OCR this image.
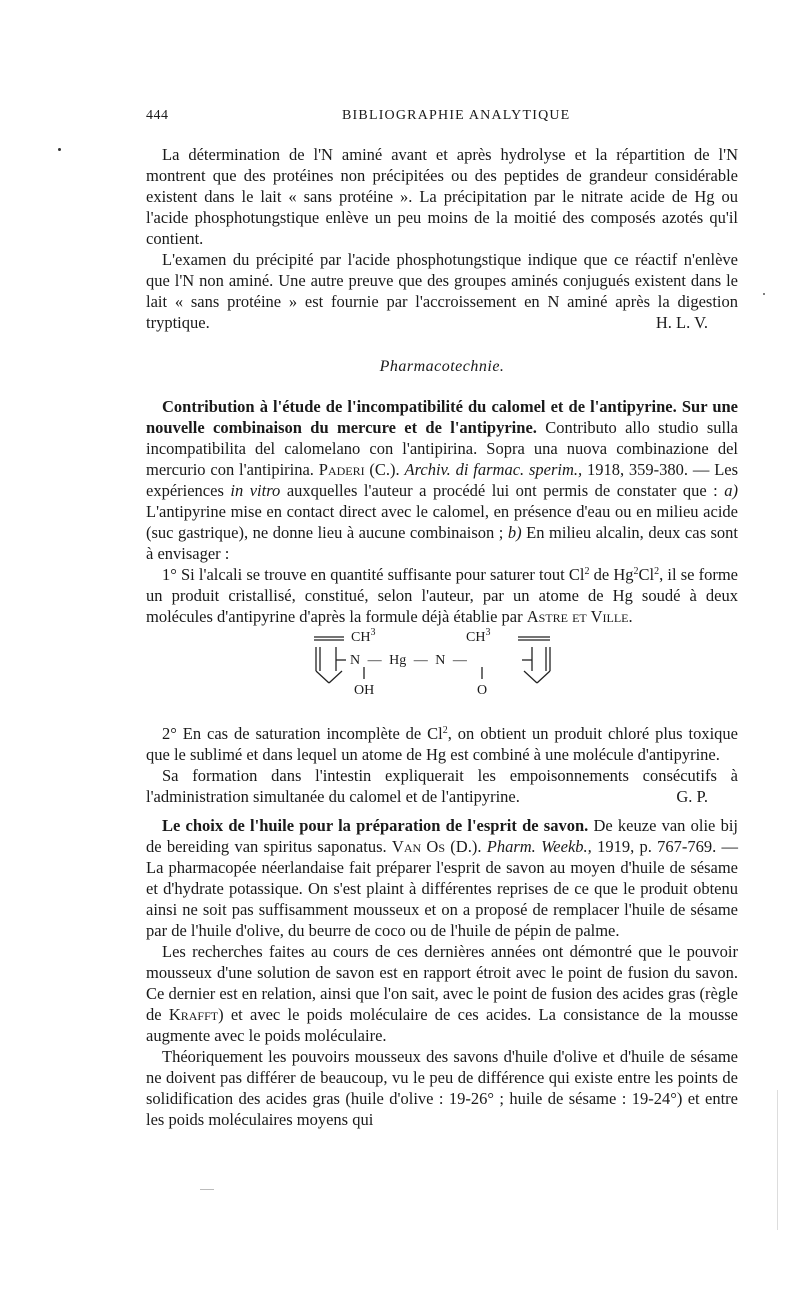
444	BIBLIOGRAPHIE ANALYTIQUE

La détermination de l'N aminé avant et après hydrolyse et la répartition de l'N montrent que des protéines non précipitées ou des peptides de grandeur considérable existent dans le lait « sans protéine ». La précipitation par le nitrate acide de Hg ou l'acide phosphotungstique enlève un peu moins de la moitié des composés azotés qu'il contient.

L'examen du précipité par l'acide phosphotungstique indique que ce réactif n'enlève que l'N non aminé. Une autre preuve que des groupes aminés conjugués existent dans le lait « sans protéine » est fournie par l'accroissement en N aminé après la digestion tryptique.	H. L. V.

Pharmacotechnie.

Contribution à l'étude de l'incompatibilité du calomel et de l'antipyrine. Sur une nouvelle combinaison du mercure et de l'antipyrine. Contributo allo studio sulla incompatibilita del calomelano con l'antipirina. Sopra una nuova combinazione del mercurio con l'antipirina. Paderi (C.). Archiv. di farmac. sperim., 1918, 359-380. — Les expériences in vitro auxquelles l'auteur a procédé lui ont permis de constater que : a) L'antipyrine mise en contact direct avec le calomel, en présence d'eau ou en milieu acide (suc gastrique), ne donne lieu à aucune combinaison ; b) En milieu alcalin, deux cas sont à envisager :

1° Si l'alcali se trouve en quantité suffisante pour saturer tout Cl$^2$ de Hg$^2$Cl$^2$, il se forme un produit cristallisé, constitué, selon l'auteur, par un atome de Hg soudé à deux molécules d'antipyrine d'après la formule déjà établie par Astre et Ville.

$CH^3$	$CH^3$
N — Hg — N —
OH	O

2° En cas de saturation incomplète de Cl$^2$, on obtient un produit chloré plus toxique que le sublimé et dans lequel un atome de Hg est combiné à une molécule d'antipyrine.

Sa formation dans l'intestin expliquerait les empoisonnements consécutifs à l'administration simultanée du calomel et de l'antipyrine.	G. P.

Le choix de l'huile pour la préparation de l'esprit de savon. De keuze van olie bij de bereiding van spiritus saponatus. Van Os (D.). Pharm. Weekb., 1919, p. 767-769. — La pharmacopée néerlandaise fait préparer l'esprit de savon au moyen d'huile de sésame et d'hydrate potassique. On s'est plaint à différentes reprises de ce que le produit obtenu ainsi ne soit pas suffisamment mousseux et on a proposé de remplacer l'huile de sésame par de l'huile d'olive, du beurre de coco ou de l'huile de pépin de palme.

Les recherches faites au cours de ces dernières années ont démontré que le pouvoir mousseux d'une solution de savon est en rapport étroit avec le point de fusion du savon. Ce dernier est en relation, ainsi que l'on sait, avec le point de fusion des acides gras (règle de Krafft) et avec le poids moléculaire de ces acides. La consistance de la mousse augmente avec le poids moléculaire.

Théoriquement les pouvoirs mousseux des savons d'huile d'olive et d'huile de sésame ne doivent pas différer de beaucoup, vu le peu de différence qui existe entre les points de solidification des acides gras (huile d'olive : 19-26° ; huile de sésame : 19-24°) et entre les poids moléculaires moyens qui
